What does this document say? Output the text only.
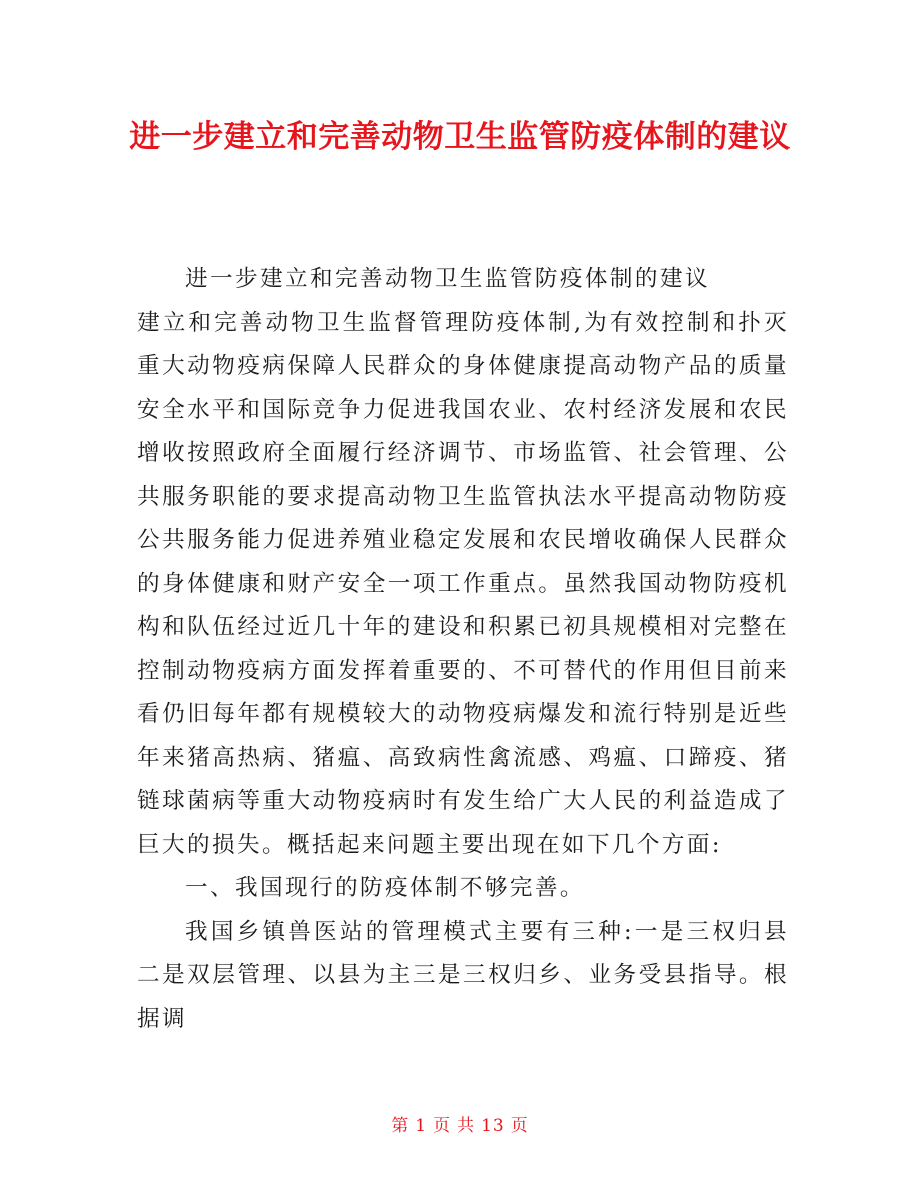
进一步建立和完善动物卫生监管防疫体制的建议

进一步建立和完善动物卫生监管防疫体制的建议

建立和完善动物卫生监督管理防疫体制,为有效控制和扑灭重大动物疫病保障人民群众的身体健康提高动物产品的质量安全水平和国际竞争力促进我国农业、农村经济发展和农民增收按照政府全面履行经济调节、市场监管、社会管理、公共服务职能的要求提高动物卫生监管执法水平提高动物防疫公共服务能力促进养殖业稳定发展和农民增收确保人民群众的身体健康和财产安全一项工作重点。虽然我国动物防疫机构和队伍经过近几十年的建设和积累已初具规模相对完整在控制动物疫病方面发挥着重要的、不可替代的作用但目前来看仍旧每年都有规模较大的动物疫病爆发和流行特别是近些年来猪高热病、猪瘟、高致病性禽流感、鸡瘟、口蹄疫、猪链球菌病等重大动物疫病时有发生给广大人民的利益造成了巨大的损失。概括起来问题主要出现在如下几个方面:

一、我国现行的防疫体制不够完善。

我国乡镇兽医站的管理模式主要有三种:一是三权归县二是双层管理、以县为主三是三权归乡、业务受县指导。根据调

第 1 页 共 13 页
